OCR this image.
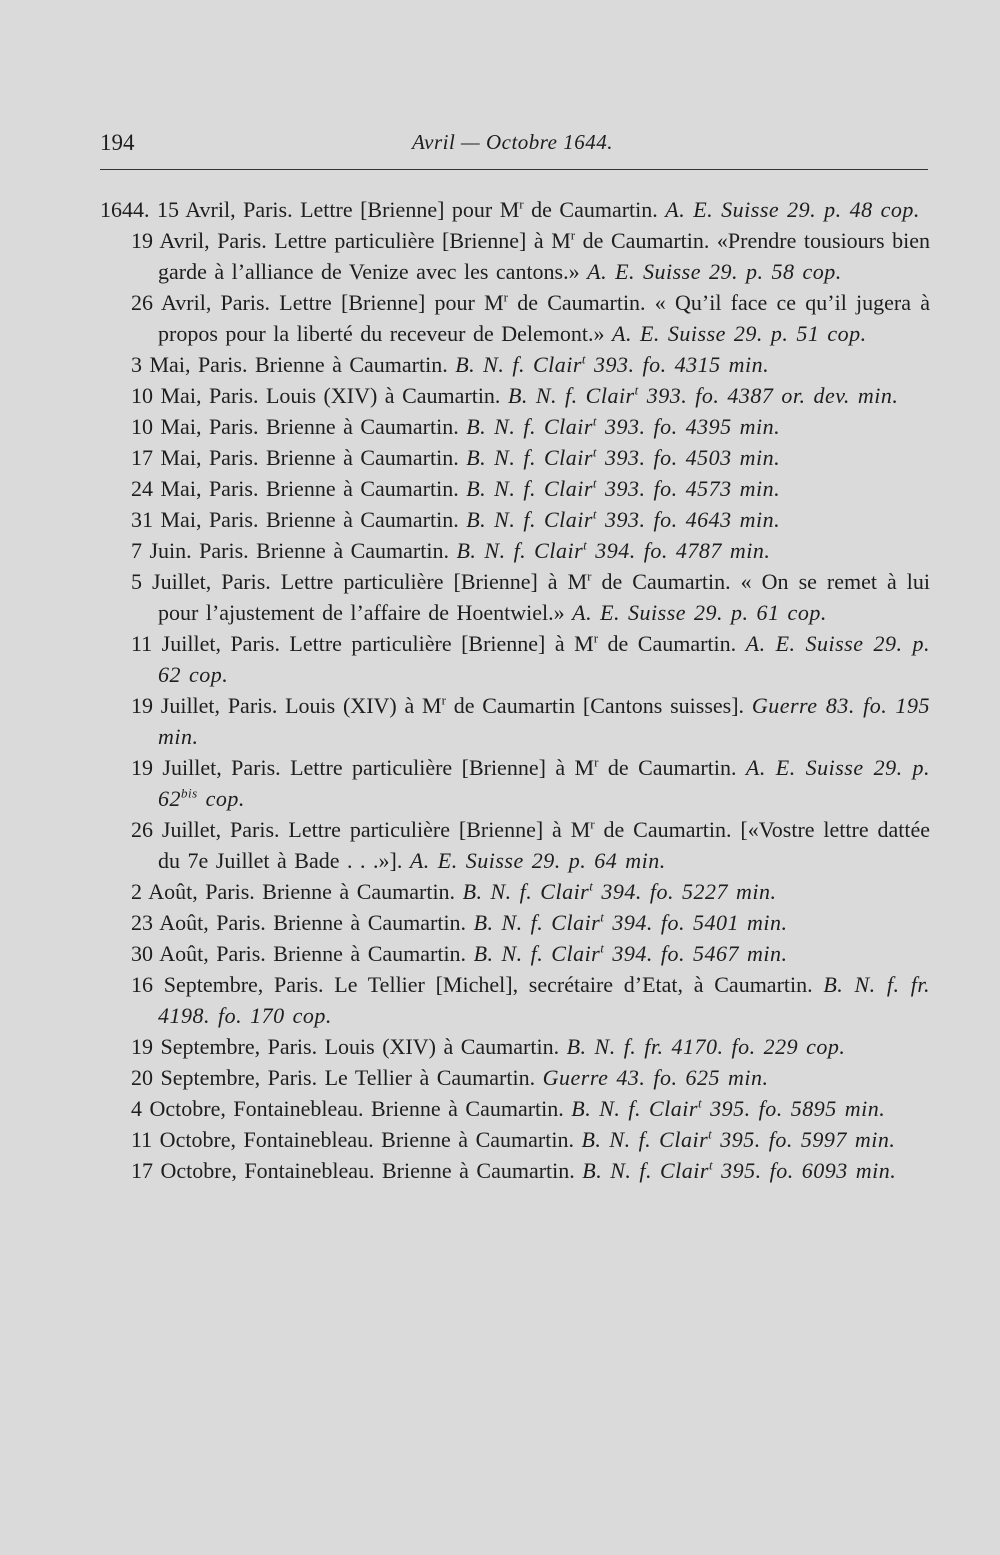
194	Avril — Octobre 1644.

1644. 15 Avril, Paris. Lettre [Brienne] pour $M^r$ de Caumartin. A. E. Suisse 29. p. 48 cop.

19 Avril, Paris. Lettre particulière [Brienne] à $M^r$ de Caumartin. «Prendre tousiours bien garde à l’alliance de Venize avec les cantons.» A. E. Suisse 29. p. 58 cop.

26 Avril, Paris. Lettre [Brienne] pour $M^r$ de Caumartin. « Qu’il face ce qu’il jugera à propos pour la liberté du receveur de Delemont.» A. E. Suisse 29. p. 51 cop.

3 Mai, Paris. Brienne à Caumartin. B. N. f. Clair$^t$ 393. fo. 4315 min.

10 Mai, Paris. Louis (XIV) à Caumartin. B. N. f. Clair$^t$ 393. fo. 4387 or. dev. min.

10 Mai, Paris. Brienne à Caumartin. B. N. f. Clair$^t$ 393. fo. 4395 min.

17 Mai, Paris. Brienne à Caumartin. B. N. f. Clair$^t$ 393. fo. 4503 min.

24 Mai, Paris. Brienne à Caumartin. B. N. f. Clair$^t$ 393. fo. 4573 min.

31 Mai, Paris. Brienne à Caumartin. B. N. f. Clair$^t$ 393. fo. 4643 min.

7 Juin. Paris. Brienne à Caumartin. B. N. f. Clair$^t$ 394. fo. 4787 min.

5 Juillet, Paris. Lettre particulière [Brienne] à $M^r$ de Caumartin. « On se remet à lui pour l’ajustement de l’affaire de Hoentwiel.» A. E. Suisse 29. p. 61 cop.

11 Juillet, Paris. Lettre particulière [Brienne] à $M^r$ de Caumartin. A. E. Suisse 29. p. 62 cop.

19 Juillet, Paris. Louis (XIV) à $M^r$ de Caumartin [Cantons suisses]. Guerre 83. fo. 195 min.

19 Juillet, Paris. Lettre particulière [Brienne] à $M^r$ de Caumartin. A. E. Suisse 29. p. 62$^{bis}$ cop.

26 Juillet, Paris. Lettre particulière [Brienne] à $M^r$ de Caumartin. [«Vostre lettre dattée du 7e Juillet à Bade . . .»]. A. E. Suisse 29. p. 64 min.

2 Août, Paris. Brienne à Caumartin. B. N. f. Clair$^t$ 394. fo. 5227 min.

23 Août, Paris. Brienne à Caumartin. B. N. f. Clair$^t$ 394. fo. 5401 min.

30 Août, Paris. Brienne à Caumartin. B. N. f. Clair$^t$ 394. fo. 5467 min.

16 Septembre, Paris. Le Tellier [Michel], secrétaire d’Etat, à Caumartin. B. N. f. fr. 4198. fo. 170 cop.

19 Septembre, Paris. Louis (XIV) à Caumartin. B. N. f. fr. 4170. fo. 229 cop.

20 Septembre, Paris. Le Tellier à Caumartin. Guerre 43. fo. 625 min.

4 Octobre, Fontainebleau. Brienne à Caumartin. B. N. f. Clair$^t$ 395. fo. 5895 min.

11 Octobre, Fontainebleau. Brienne à Caumartin. B. N. f. Clair$^t$ 395. fo. 5997 min.

17 Octobre, Fontainebleau. Brienne à Caumartin. B. N. f. Clair$^t$ 395. fo. 6093 min.
